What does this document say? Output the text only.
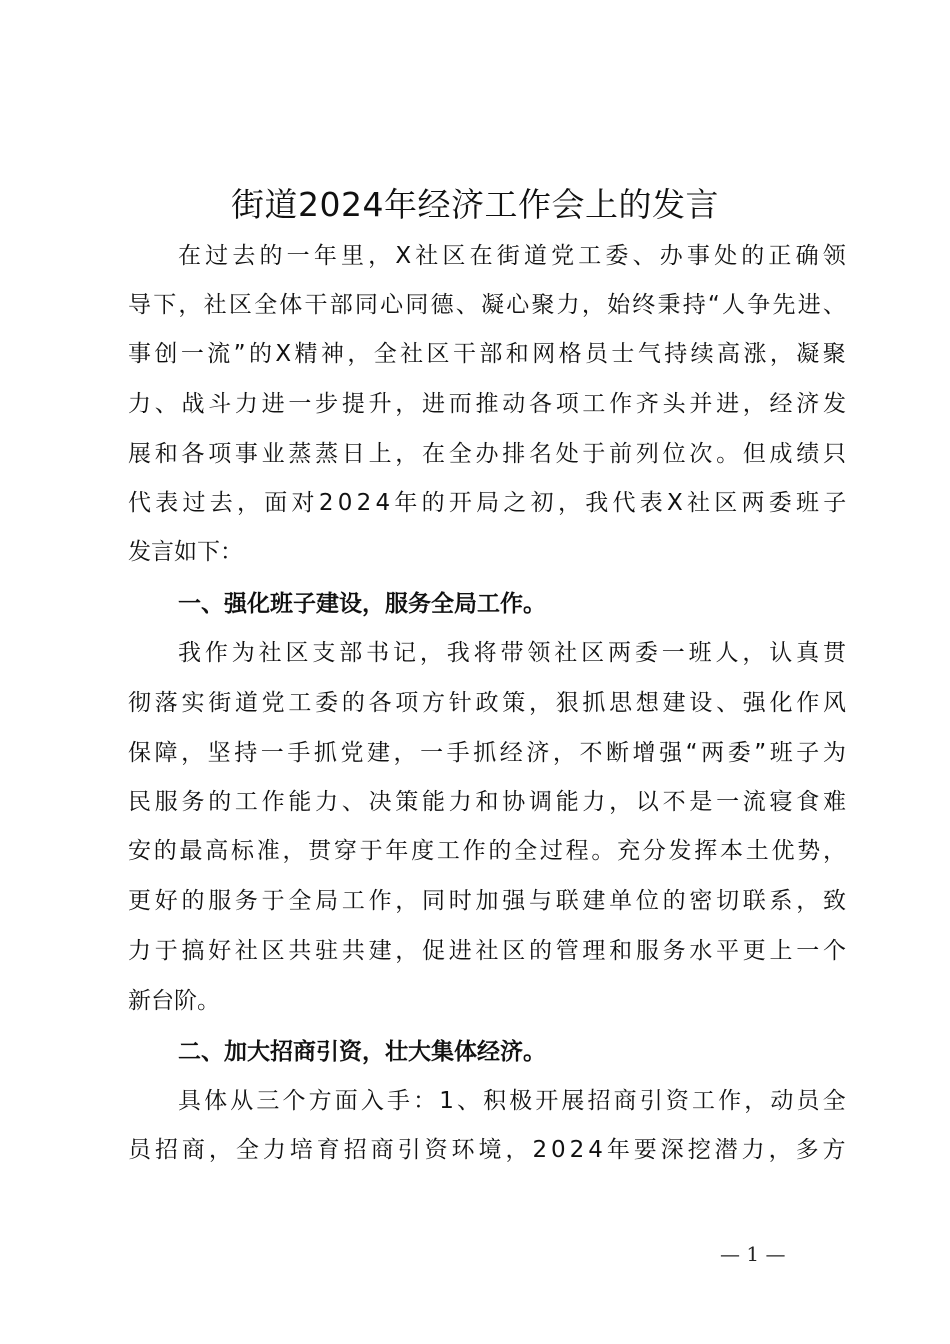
街道2024年经济工作会上的发言

在过去的一年里，X社区在街道党工委、办事处的正确领

导下，社区全体干部同心同德、凝心聚力，始终秉持“人争先进、

事创一流”的X精神，全社区干部和网格员士气持续高涨，凝聚

力、战斗力进一步提升，进而推动各项工作齐头并进，经济发

展和各项事业蒸蒸日上，在全办排名处于前列位次。但成绩只

代表过去，面对2024年的开局之初，我代表X社区两委班子

发言如下：

一、强化班子建设，服务全局工作。

我作为社区支部书记，我将带领社区两委一班人，认真贯

彻落实街道党工委的各项方针政策，狠抓思想建设、强化作风

保障，坚持一手抓党建，一手抓经济，不断增强“两委”班子为

民服务的工作能力、决策能力和协调能力，以不是一流寝食难

安的最高标准，贯穿于年度工作的全过程。充分发挥本土优势，

更好的服务于全局工作，同时加强与联建单位的密切联系，致

力于搞好社区共驻共建，促进社区的管理和服务水平更上一个

新台阶。

二、加大招商引资，壮大集体经济。

具体从三个方面入手：1、积极开展招商引资工作，动员全

员招商，全力培育招商引资环境，2024年要深挖潜力，多方

— 1 —
